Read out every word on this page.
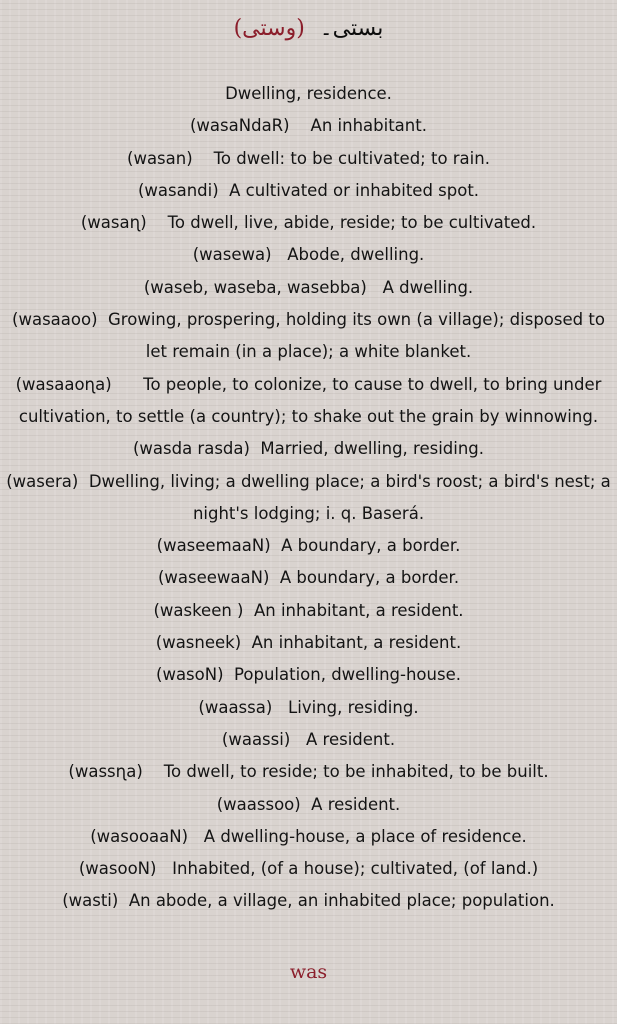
بستی۔ (وستی)
Dwelling, residence.
(wasaNdaR)    An inhabitant.
(wasan)    To dwell: to be cultivated; to rain.
(wasandi)  A cultivated or inhabited spot.
(wasaɳ)    To dwell, live, abide, reside; to be cultivated.
(wasewa)   Abode, dwelling.
(waseb, waseba, wasebba)   A dwelling.
(wasaaoo)  Growing, prospering, holding its own (a village); disposed to let remain (in a place); a white blanket.
(wasaaoɳa)      To people, to colonize, to cause to dwell, to bring under cultivation, to settle (a country); to shake out the grain by winnowing.
(wasda rasda)  Married, dwelling, residing.
(wasera)  Dwelling, living; a dwelling place; a bird's roost; a bird's nest; a night's lodging; i. q. Baserá.
(waseemaaN)  A boundary, a border.
(waseewaaN)  A boundary, a border.
(waskeen )  An inhabitant, a resident.
(wasneek)  An inhabitant, a resident.
(wasoN)  Population, dwelling-house.
(waassa)   Living, residing.
(waassi)   A resident.
(wassɳa)    To dwell, to reside; to be inhabited, to be built.
(waassoo)  A resident.
(wasooaaN)   A dwelling-house, a place of residence.
(wasooN)   Inhabited, (of a house); cultivated, (of land.)
(wasti)  An abode, a village, an inhabited place; population.
was
